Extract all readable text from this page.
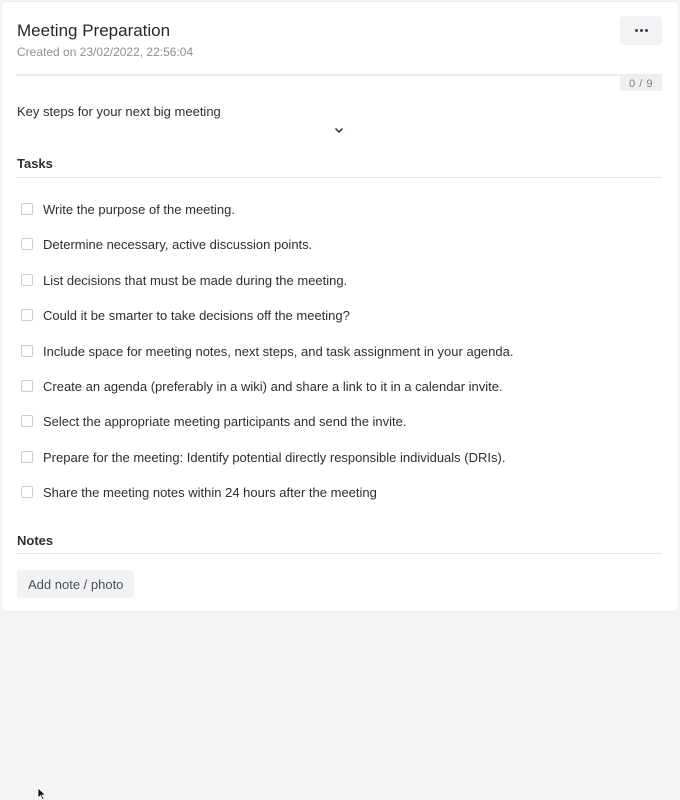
Meeting Preparation
Created on 23/02/2022, 22:56:04
0 / 9
Key steps for your next big meeting
Tasks
Write the purpose of the meeting.
Determine necessary, active discussion points.
List decisions that must be made during the meeting.
Could it be smarter to take decisions off the meeting?
Include space for meeting notes, next steps, and task assignment in your agenda.
Create an agenda (preferably in a wiki) and share a link to it in a calendar invite.
Select the appropriate meeting participants and send the invite.
Prepare for the meeting: Identify potential directly responsible individuals (DRIs).
Share the meeting notes within 24 hours after the meeting
Notes
Add note / photo
